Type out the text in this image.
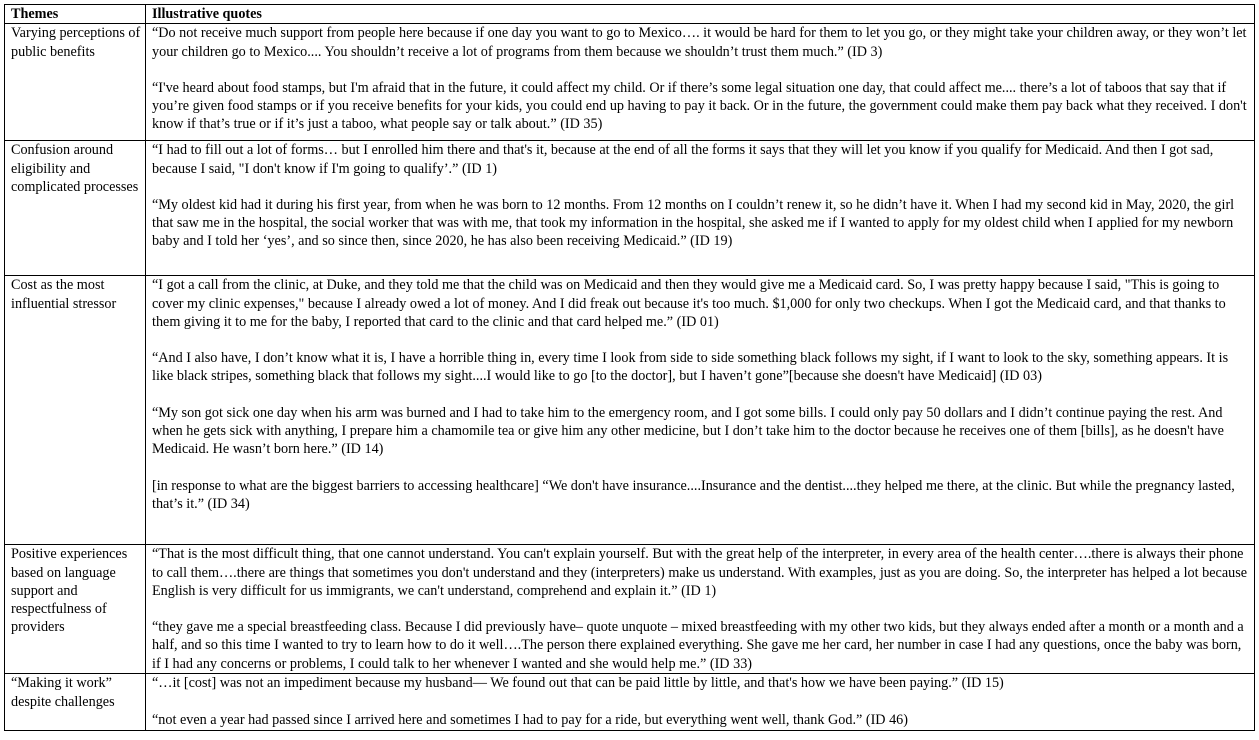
Themes	Illustrative quotes
Varying perceptions of public benefits	“Do not receive much support from people here because if one day you want to go to Mexico…. it would be hard for them to let you go, or they might take your children away, or they won’t let your children go to Mexico.... You shouldn’t receive a lot of programs from them because we shouldn’t trust them much.” (ID 3)

“I've heard about food stamps, but I'm afraid that in the future, it could affect my child. Or if there’s some legal situation one day, that could affect me.... there’s a lot of taboos that say that if you’re given food stamps or if you receive benefits for your kids, you could end up having to pay it back. Or in the future, the government could make them pay back what they received. I don't know if that’s true or if it’s just a taboo, what people say or talk about.” (ID 35)

Confusion around eligibility and complicated processes	“I had to fill out a lot of forms… but I enrolled him there and that's it, because at the end of all the forms it says that they will let you know if you qualify for Medicaid. And then I got sad, because I said, "I don't know if I'm going to qualify’.” (ID 1)

“My oldest kid had it during his first year, from when he was born to 12 months. From 12 months on I couldn’t renew it, so he didn’t have it. When I had my second kid in May, 2020, the girl that saw me in the hospital, the social worker that was with me, that took my information in the hospital, she asked me if I wanted to apply for my oldest child when I applied for my newborn baby and I told her ‘yes’, and so since then, since 2020, he has also been receiving Medicaid.” (ID 19)

Cost as the most influential stressor	“I got a call from the clinic, at Duke, and they told me that the child was on Medicaid and then they would give me a Medicaid card. So, I was pretty happy because I said, "This is going to cover my clinic expenses," because I already owed a lot of money. And I did freak out because it's too much. $1,000 for only two checkups. When I got the Medicaid card, and that thanks to them giving it to me for the baby, I reported that card to the clinic and that card helped me.” (ID 01)

“And I also have, I don’t know what it is, I have a horrible thing in, every time I look from side to side something black follows my sight, if I want to look to the sky, something appears. It is like black stripes, something black that follows my sight....I would like to go [to the doctor], but I haven’t gone”[because she doesn't have Medicaid] (ID 03)

“My son got sick one day when his arm was burned and I had to take him to the emergency room, and I got some bills. I could only pay 50 dollars and I didn’t continue paying the rest. And when he gets sick with anything, I prepare him a chamomile tea or give him any other medicine, but I don’t take him to the doctor because he receives one of them [bills], as he doesn't have Medicaid. He wasn’t born here.” (ID 14)

[in response to what are the biggest barriers to accessing healthcare] “We don't have insurance....Insurance and the dentist....they helped me there, at the clinic. But while the pregnancy lasted, that’s it.” (ID 34)

Positive experiences based on language support and respectfulness of providers	“That is the most difficult thing, that one cannot understand. You can't explain yourself. But with the great help of the interpreter, in every area of the health center….there is always their phone to call them….there are things that sometimes you don't understand and they (interpreters) make us understand. With examples, just as you are doing. So, the interpreter has helped a lot because English is very difficult for us immigrants, we can't understand, comprehend and explain it.” (ID 1)

“they gave me a special breastfeeding class. Because I did previously have– quote unquote – mixed breastfeeding with my other two kids, but they always ended after a month or a month and a half, and so this time I wanted to try to learn how to do it well….The person there explained everything. She gave me her card, her number in case I had any questions, once the baby was born, if I had any concerns or problems, I could talk to her whenever I wanted and she would help me.” (ID 33)

“Making it work” despite challenges	“…it [cost] was not an impediment because my husband— We found out that can be paid little by little, and that's how we have been paying.” (ID 15)

“not even a year had passed since I arrived here and sometimes I had to pay for a ride, but everything went well, thank God.” (ID 46)
